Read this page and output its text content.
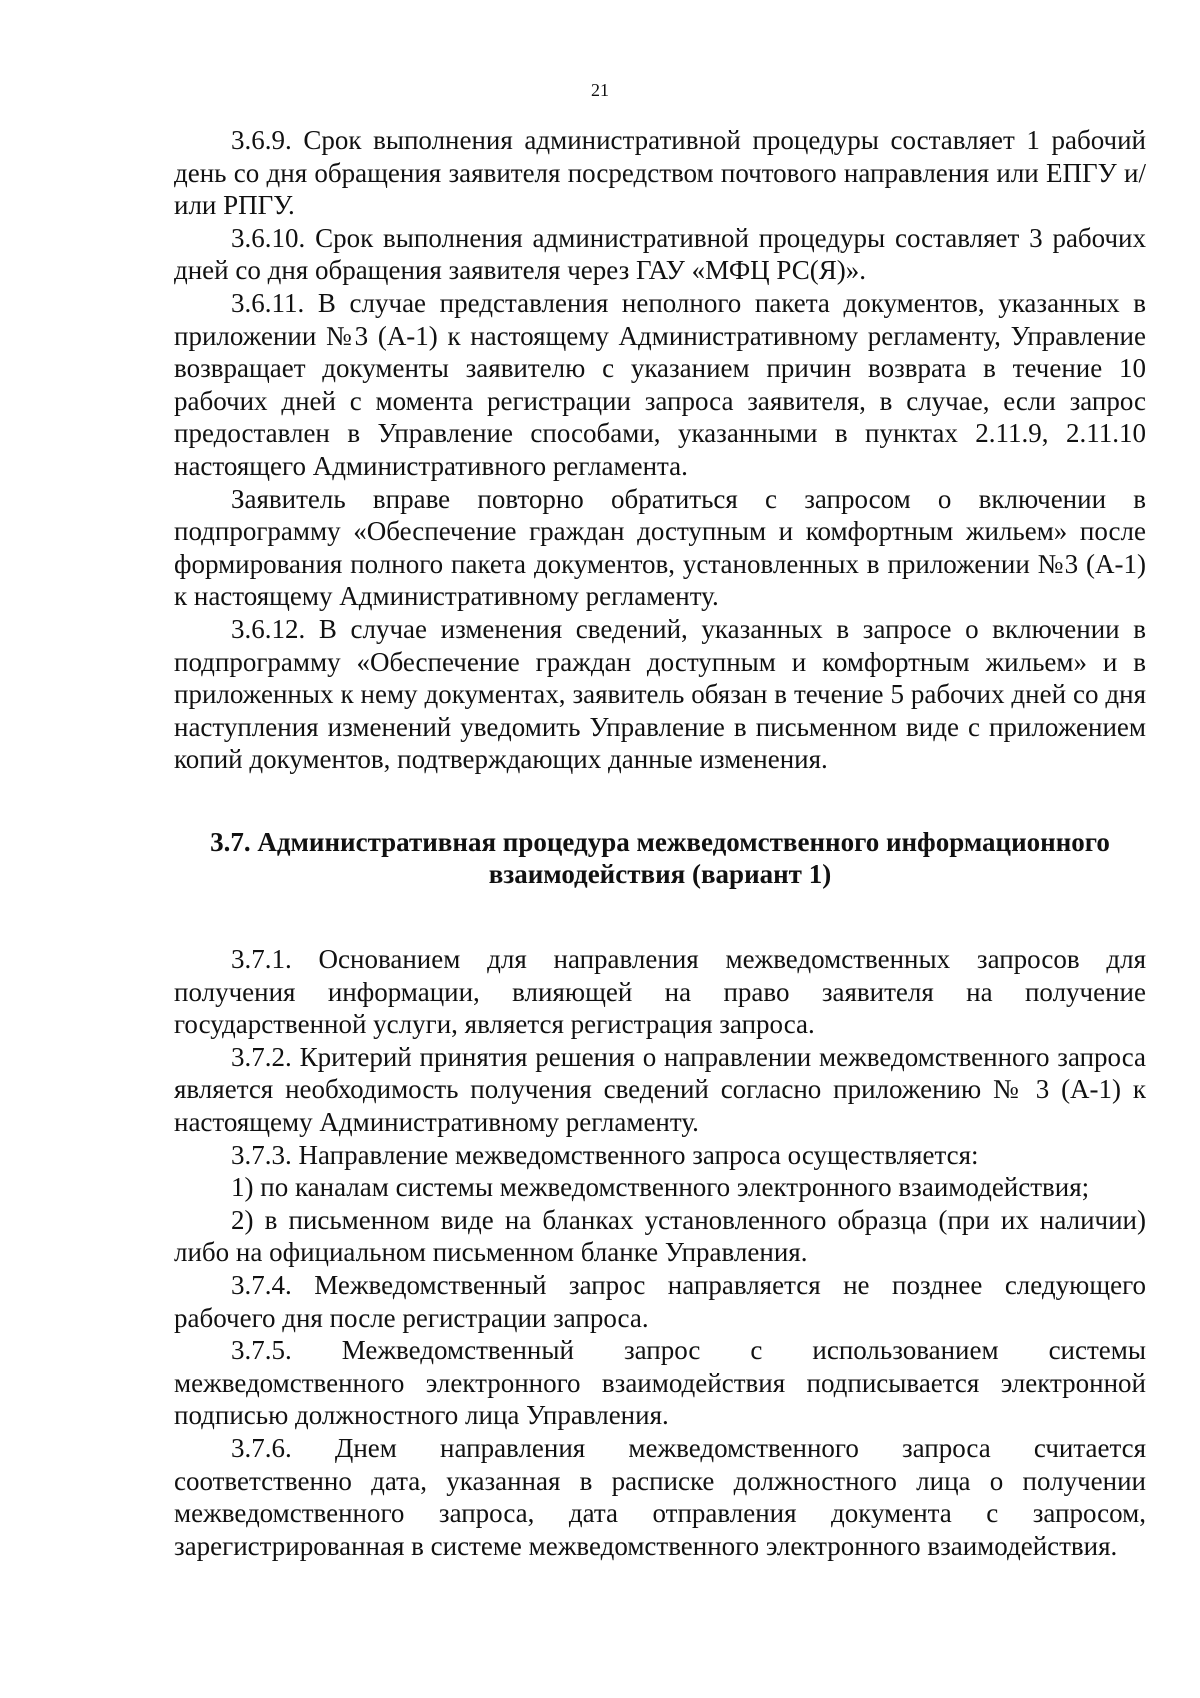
21

3.6.9. Срок выполнения административной процедуры составляет 1 рабочий день со дня обращения заявителя посредством почтового направления или ЕПГУ и/или РПГУ.

3.6.10. Срок выполнения административной процедуры составляет 3 рабочих дней со дня обращения заявителя через ГАУ «МФЦ РС(Я)».

3.6.11. В случае представления неполного пакета документов, указанных в приложении №3 (А-1) к настоящему Административному регламенту, Управление возвращает документы заявителю с указанием причин возврата в течение 10 рабочих дней с момента регистрации запроса заявителя, в случае, если запрос предоставлен в Управление способами, указанными в пунктах 2.11.9, 2.11.10 настоящего Административного регламента.

Заявитель вправе повторно обратиться с запросом о включении в подпрограмму «Обеспечение граждан доступным и комфортным жильем» после формирования полного пакета документов, установленных в приложении №3 (А-1) к настоящему Административному регламенту.

3.6.12. В случае изменения сведений, указанных в запросе о включении в подпрограмму «Обеспечение граждан доступным и комфортным жильем» и в приложенных к нему документах, заявитель обязан в течение 5 рабочих дней со дня наступления изменений уведомить Управление в письменном виде с приложением копий документов, подтверждающих данные изменения.

3.7. Административная процедура межведомственного информационного
взаимодействия (вариант 1)

3.7.1. Основанием для направления межведомственных запросов для получения информации, влияющей на право заявителя на получение государственной услуги, является регистрация запроса.

3.7.2. Критерий принятия решения о направлении межведомственного запроса является необходимость получения сведений согласно приложению № 3 (А-1) к настоящему Административному регламенту.

3.7.3. Направление межведомственного запроса осуществляется:

1) по каналам системы межведомственного электронного взаимодействия;

2) в письменном виде на бланках установленного образца (при их наличии) либо на официальном письменном бланке Управления.

3.7.4. Межведомственный запрос направляется не позднее следующего рабочего дня после регистрации запроса.

3.7.5. Межведомственный запрос с использованием системы межведомственного электронного взаимодействия подписывается электронной подписью должностного лица Управления.

3.7.6. Днем направления межведомственного запроса считается соответственно дата, указанная в расписке должностного лица о получении межведомственного запроса, дата отправления документа с запросом, зарегистрированная в системе межведомственного электронного взаимодействия.
